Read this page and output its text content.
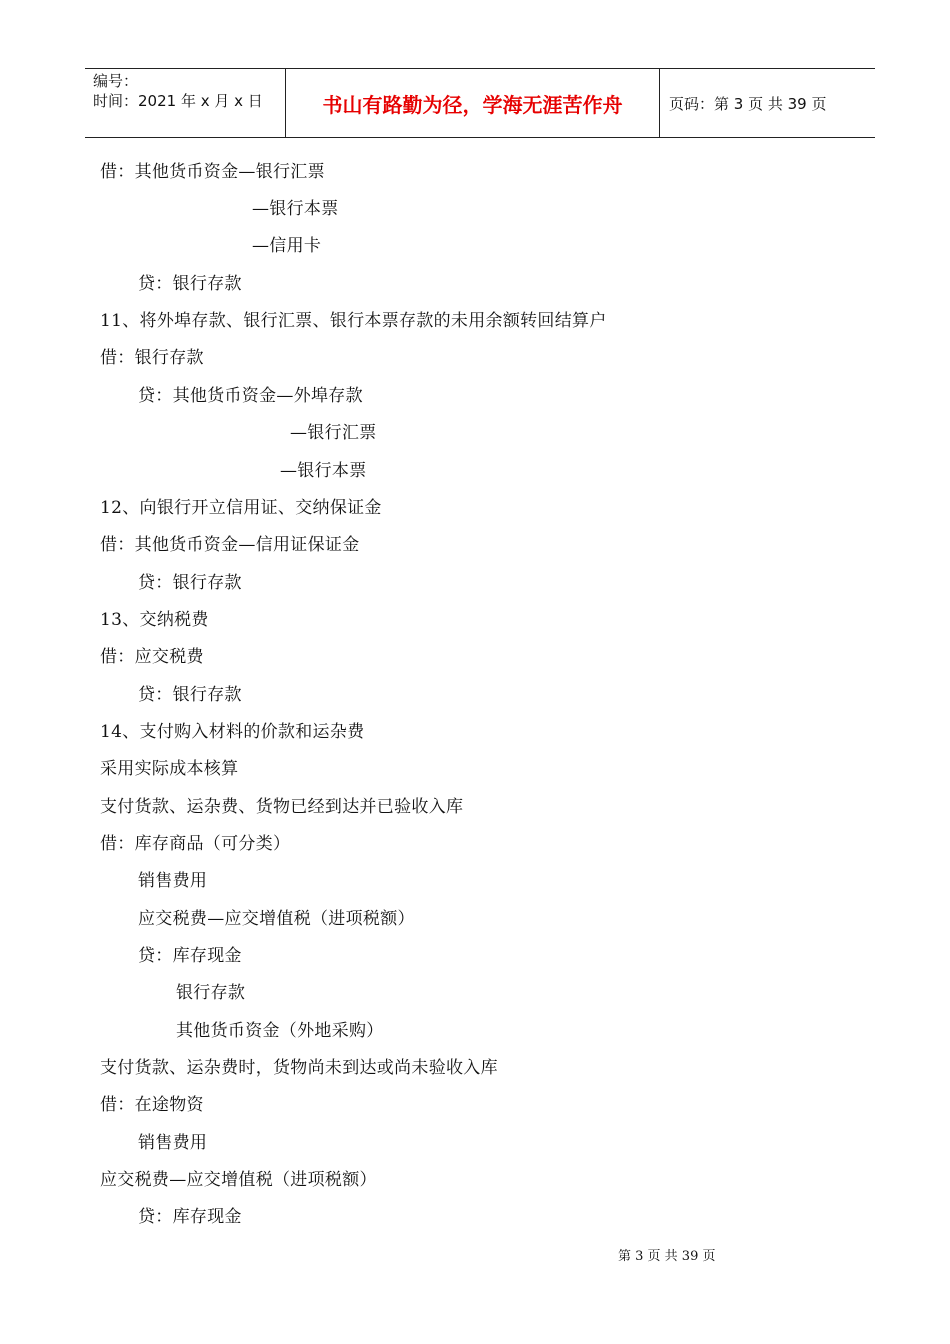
编号：
时间：2021 年 x 月 x 日	书山有路勤为径，学海无涯苦作舟	页码：第 3 页 共 39 页
借：其他货币资金—银行汇票
—银行本票
—信用卡
贷：银行存款
11、将外埠存款、银行汇票、银行本票存款的未用余额转回结算户
借：银行存款
贷：其他货币资金—外埠存款
—银行汇票
—银行本票
12、向银行开立信用证、交纳保证金
借：其他货币资金—信用证保证金
贷：银行存款
13、交纳税费
借：应交税费
贷：银行存款
14、支付购入材料的价款和运杂费
采用实际成本核算
支付货款、运杂费、货物已经到达并已验收入库
借：库存商品（可分类）
销售费用
应交税费—应交增值税（进项税额）
贷：库存现金
银行存款
其他货币资金（外地采购）
支付货款、运杂费时，货物尚未到达或尚未验收入库
借：在途物资
销售费用
应交税费—应交增值税（进项税额）
贷：库存现金
第 3 页 共 39 页
